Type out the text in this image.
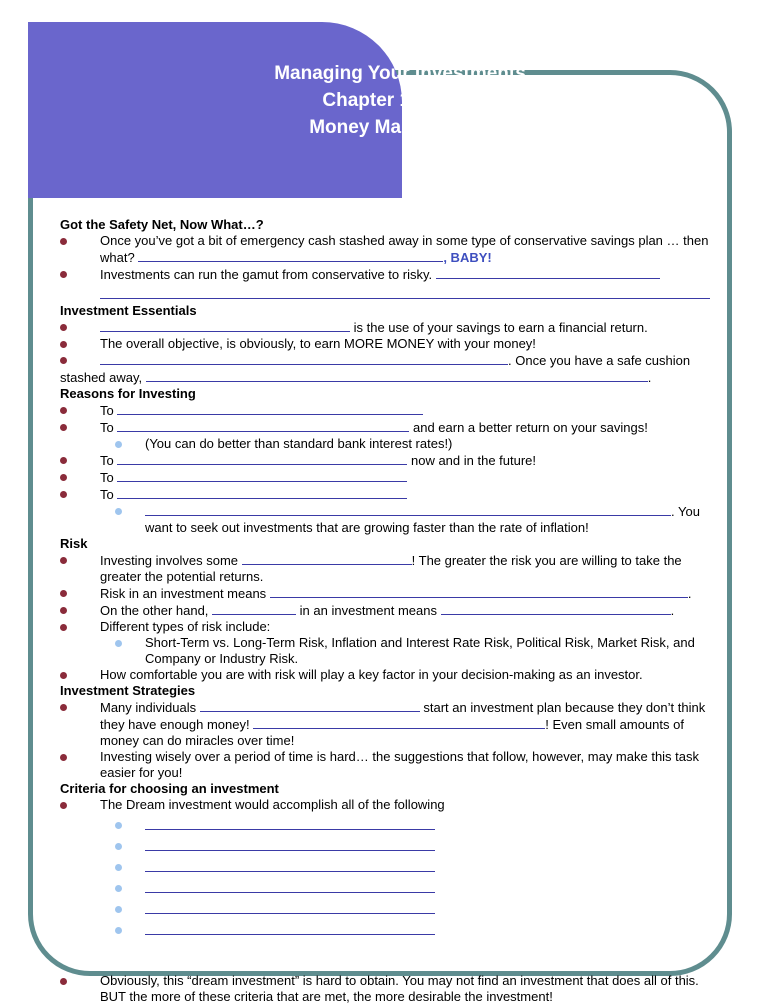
Managing Your Investments
Chapter 11 Notes
Money Management

Got the Safety Net, Now What…?

Once you’ve got a bit of emergency cash stashed away in some type of conservative savings plan … then what?	, BABY!

Investments can run the gamut from conservative to risky.

Investment Essentials

is the use of your savings to earn a financial return.

The overall objective, is obviously, to earn MORE MONEY with your money!

. Once you have a safe cushion

stashed away,	.

Reasons for Investing

To

To	and earn a better return on your savings!

(You can do better than standard bank interest rates!)

To	now and in the future!

To

To

. You
want to seek out investments that are growing faster than the rate of inflation!

Risk

Investing involves some	! The greater the risk you are willing to take the greater the potential returns.

Risk in an investment means	.

On the other hand,	in an investment means	.

Different types of risk include:

Short-Term vs. Long-Term Risk, Inflation and Interest Rate Risk, Political Risk, Market Risk, and Company or Industry Risk.

How comfortable you are with risk will play a key factor in your decision-making as an investor.

Investment Strategies

Many individuals	start an investment plan because they don’t think they have enough money!	! Even small amounts of money can do miracles over time!

Investing wisely over a period of time is hard… the suggestions that follow, however, may make this task easier for you!

Criteria for choosing an investment

The Dream investment would accomplish all of the following

Obviously, this “dream investment” is hard to obtain. You may not find an investment that does all of this. BUT the more of these criteria that are met, the more desirable the investment!
